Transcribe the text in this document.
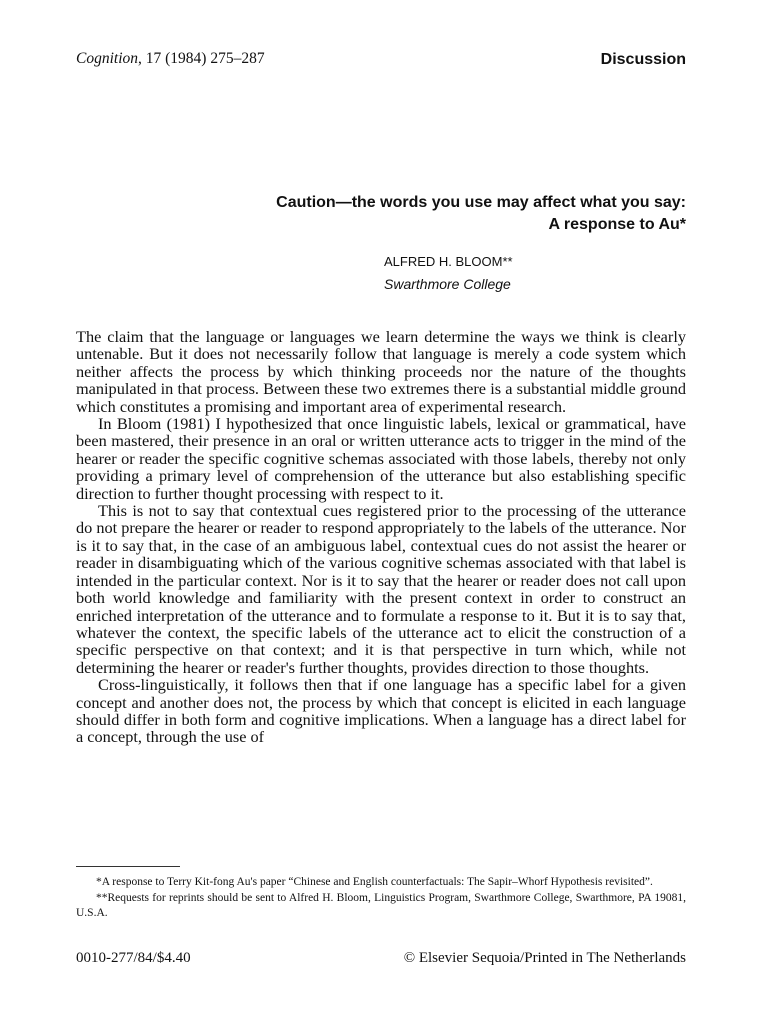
Cognition, 17 (1984) 275–287	Discussion
Caution—the words you use may affect what you say:
A response to Au*
ALFRED H. BLOOM**
Swarthmore College

The claim that the language or languages we learn determine the ways we think is clearly untenable. But it does not necessarily follow that language is merely a code system which neither affects the process by which thinking proceeds nor the nature of the thoughts manipulated in that process. Between these two extremes there is a substantial middle ground which constitutes a promising and important area of experimental research.

In Bloom (1981) I hypothesized that once linguistic labels, lexical or grammatical, have been mastered, their presence in an oral or written utterance acts to trigger in the mind of the hearer or reader the specific cognitive schemas associated with those labels, thereby not only providing a primary level of comprehension of the utterance but also establishing specific direction to further thought processing with respect to it.

This is not to say that contextual cues registered prior to the processing of the utterance do not prepare the hearer or reader to respond appropriately to the labels of the utterance. Nor is it to say that, in the case of an ambiguous label, contextual cues do not assist the hearer or reader in disambiguating which of the various cognitive schemas associated with that label is intended in the particular context. Nor is it to say that the hearer or reader does not call upon both world knowledge and familiarity with the present context in order to construct an enriched interpretation of the utterance and to formulate a response to it. But it is to say that, whatever the context, the specific labels of the utterance act to elicit the construction of a specific perspective on that context; and it is that perspective in turn which, while not determining the hearer or reader's further thoughts, provides direction to those thoughts.

Cross-linguistically, it follows then that if one language has a specific label for a given concept and another does not, the process by which that concept is elicited in each language should differ in both form and cognitive implications. When a language has a direct label for a concept, through the use of

*A response to Terry Kit-fong Au's paper “Chinese and English counterfactuals: The Sapir–Whorf Hypothesis revisited”.

**Requests for reprints should be sent to Alfred H. Bloom, Linguistics Program, Swarthmore College, Swarthmore, PA 19081, U.S.A.

0010-277/84/$4.40	© Elsevier Sequoia/Printed in The Netherlands
